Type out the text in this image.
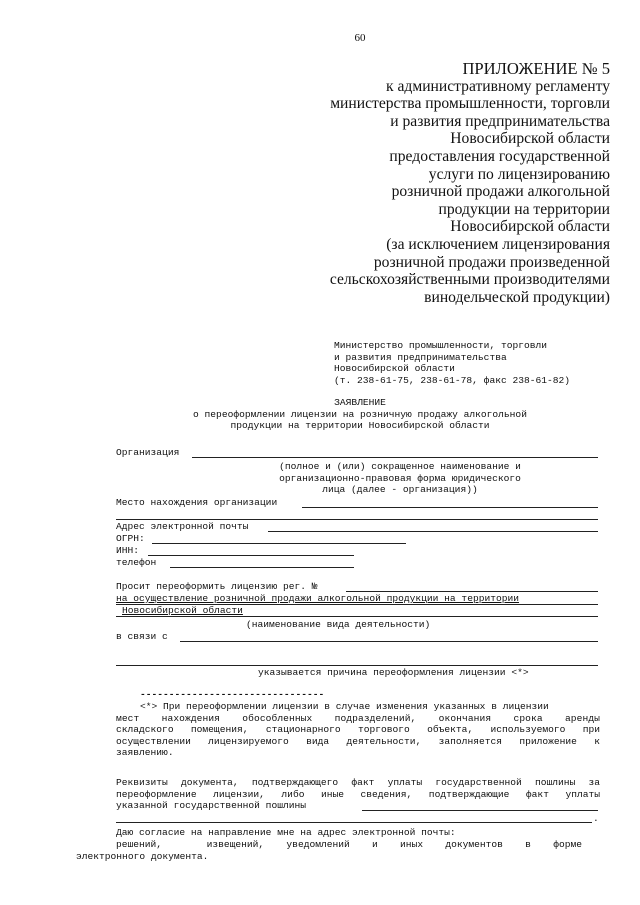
60
ПРИЛОЖЕНИЕ № 5
к административному регламенту
министерства промышленности, торговли
и развития предпринимательства
Новосибирской области
предоставления государственной
услуги по лицензированию
розничной продажи алкогольной
продукции на территории
Новосибирской области
(за исключением лицензирования
розничной продажи произведенной
сельскохозяйственными производителями
винодельческой продукции)
Министерство промышленности, торговли
и развития предпринимательства
Новосибирской области
(т. 238-61-75, 238-61-78, факс 238-61-82)
ЗАЯВЛЕНИЕ
о переоформлении лицензии на розничную продажу алкогольной
продукции на территории Новосибирской области
Организация
(полное и (или) сокращенное наименование и
организационно-правовая форма юридического
лица (далее - организация))
Место нахождения организации
Адрес электронной почты
ОГРН:
ИНН:
телефон
Просит переоформить лицензию рег. №
на осуществление розничной продажи алкогольной продукции на территории
Новосибирской области
(наименование вида деятельности)
в связи с
указывается причина переоформления лицензии <*>
--------------------------------
<*> При переоформлении лицензии в случае изменения указанных в лицензии
мест нахождения обособленных подразделений, окончания срока аренды
складского помещения, стационарного торгового объекта, используемого при
осуществлении лицензируемого вида деятельности, заполняется приложение к
заявлению.
Реквизиты документа, подтверждающего факт уплаты государственной пошлины за
переоформление лицензии, либо иные сведения, подтверждающие факт уплаты
указанной государственной пошлины
.
Даю согласие на направление мне на адрес электронной почты:
решений,    извещений,  уведомлений  и  иных  документов  в  форме
электронного документа.
